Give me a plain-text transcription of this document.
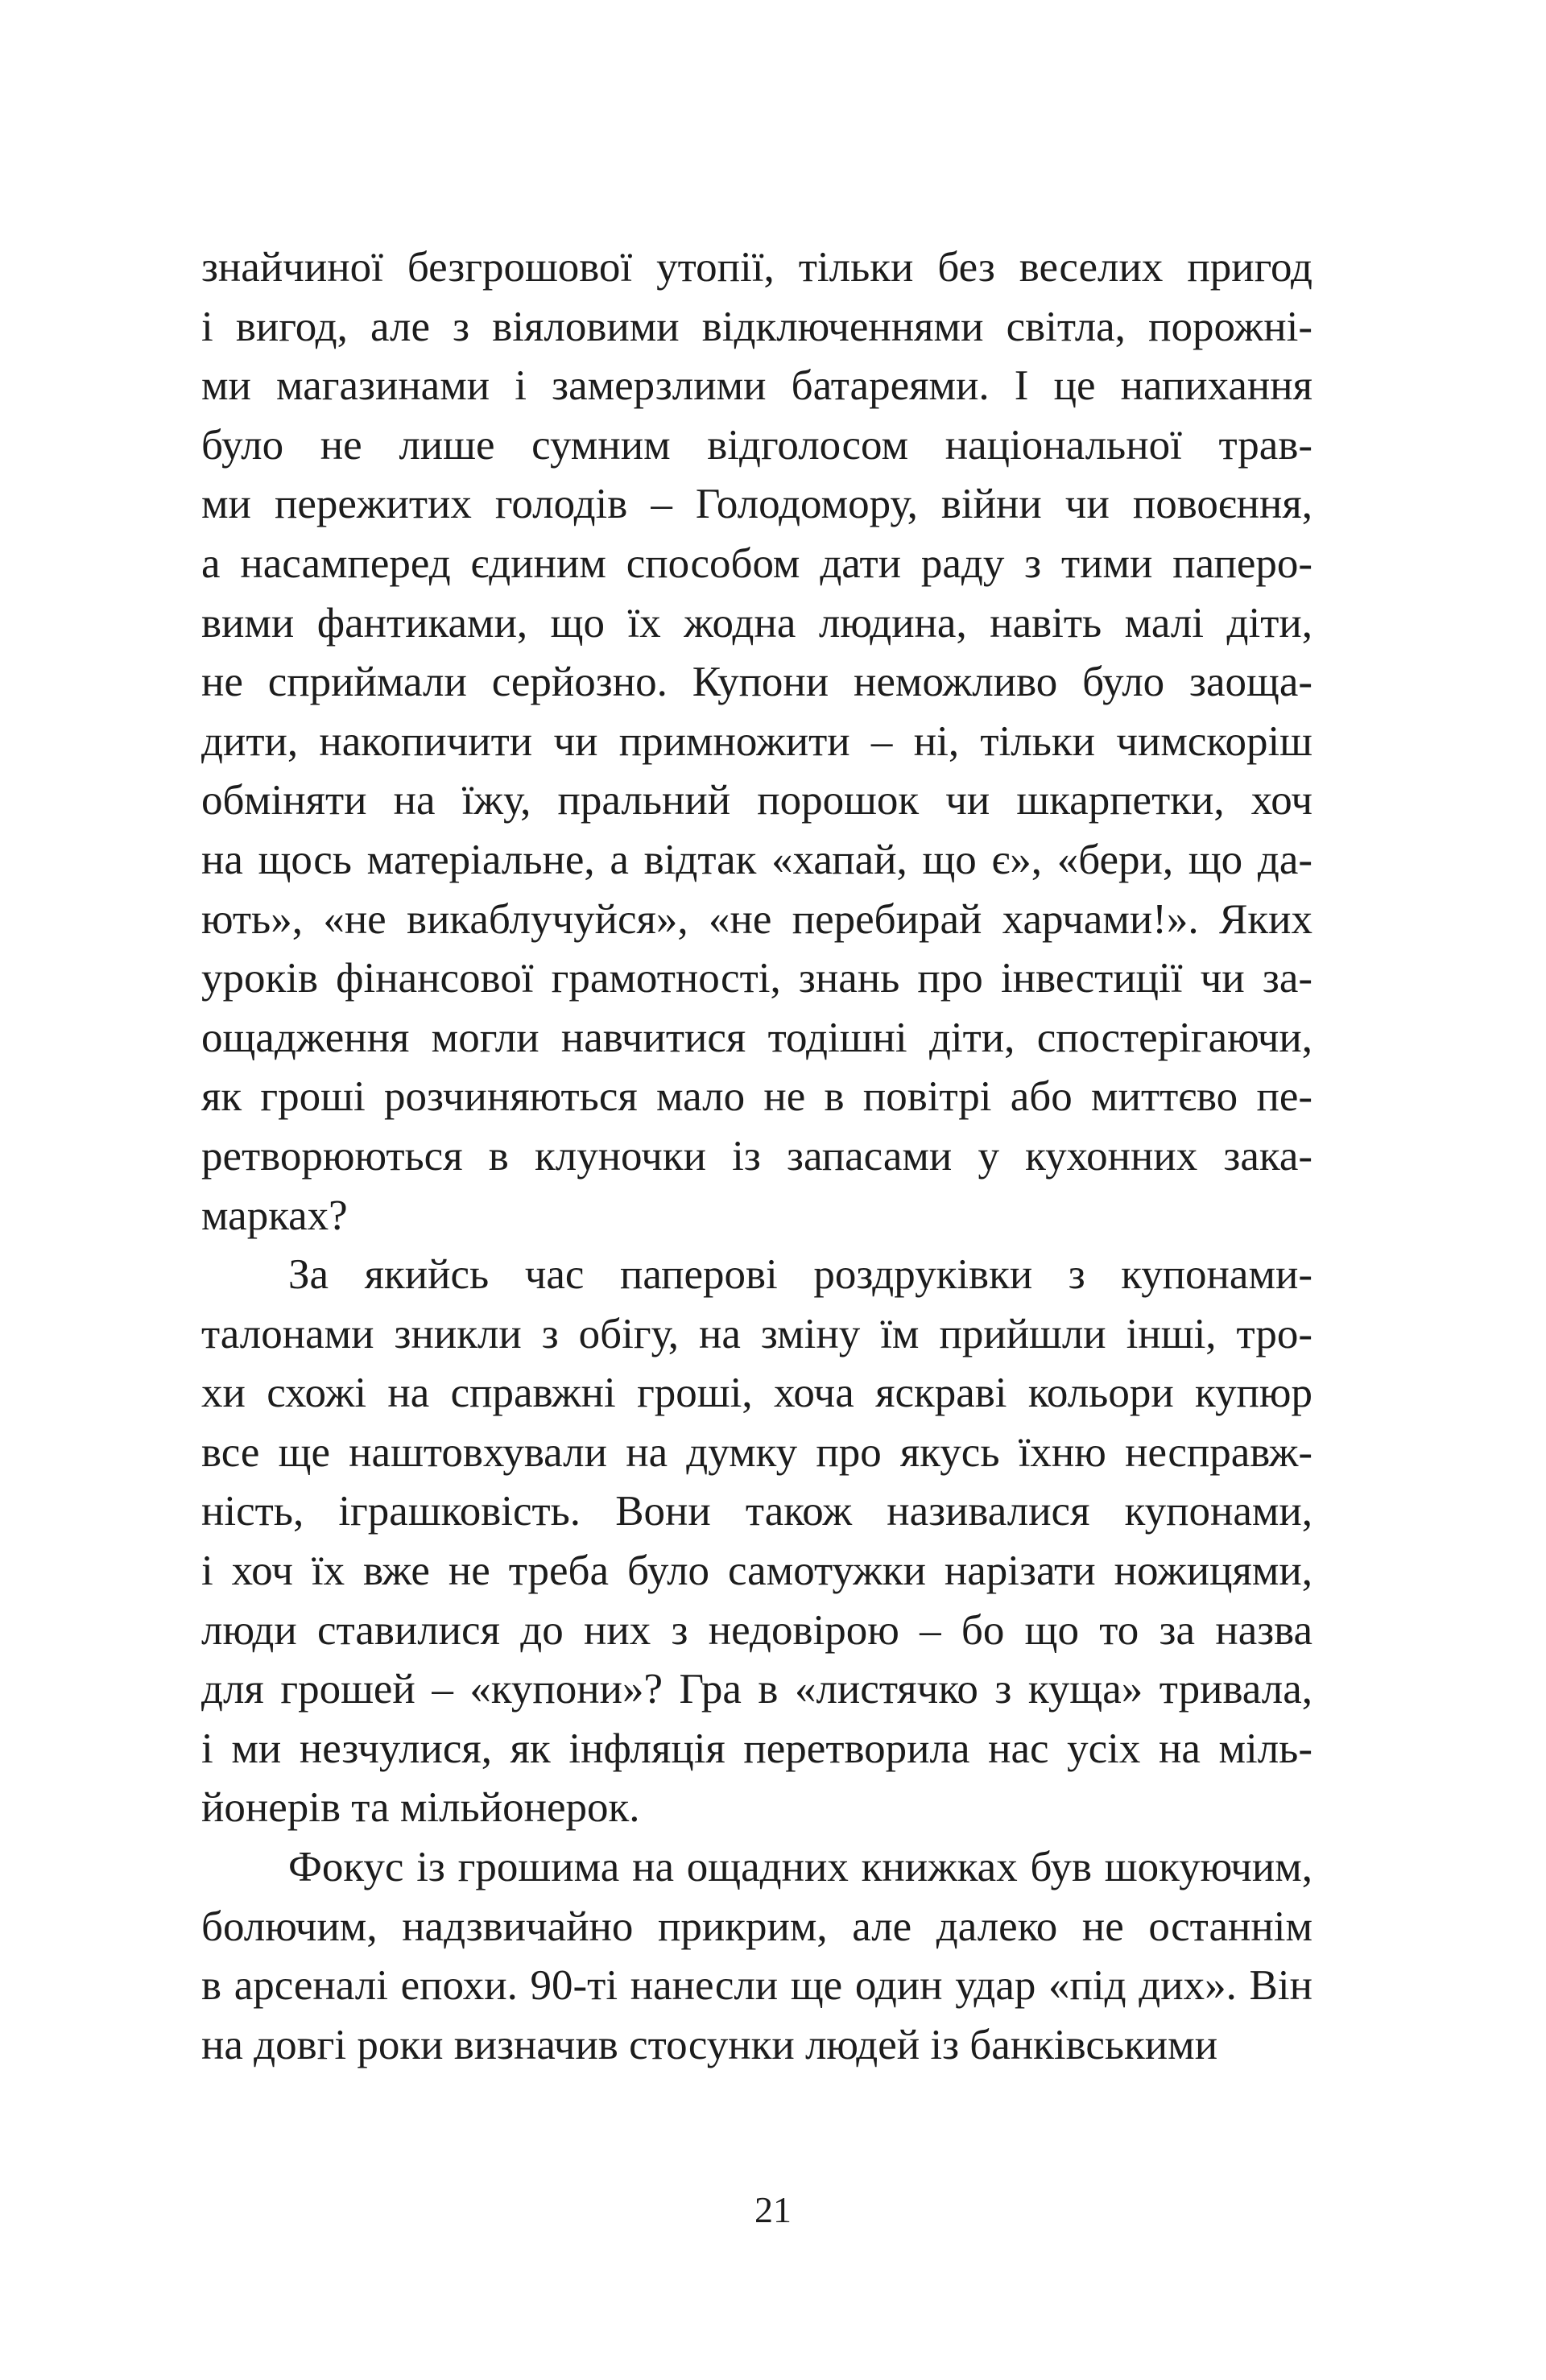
знайчиної безгрошової утопії, тільки без веселих пригод
і вигод, але з віяловими відключеннями світла, порожні-
ми магазинами і замерзлими батареями. І це напихання
було не лише сумним відголосом національної трав-
ми пережитих голодів – Голодомору, війни чи повоєння,
а насамперед єдиним способом дати раду з тими паперо-
вими фантиками, що їх жодна людина, навіть малі діти,
не сприймали серйозно. Купони неможливо було заоща-
дити, накопичити чи примножити – ні, тільки чимскоріш
обміняти на їжу, пральний порошок чи шкарпетки, хоч
на щось матеріальне, а відтак «хапай, що є», «бери, що да-
ють», «не викаблучуйся», «не перебирай харчами!». Яких
уроків фінансової грамотності, знань про інвестиції чи за-
ощадження могли навчитися тодішні діти, спостерігаючи,
як гроші розчиняються мало не в повітрі або миттєво пе-
ретворюються в клуночки із запасами у кухонних зака-
марках?
За якийсь час паперові роздруківки з купонами-
талонами зникли з обігу, на зміну їм прийшли інші, тро-
хи схожі на справжні гроші, хоча яскраві кольори купюр
все ще наштовхували на думку про якусь їхню несправж-
ність, іграшковість. Вони також називалися купонами,
і хоч їх вже не треба було самотужки нарізати ножицями,
люди ставилися до них з недовірою – бо що то за назва
для грошей – «купони»? Гра в «листячко з куща» тривала,
і ми незчулися, як інфляція перетворила нас усіх на міль-
йонерів та мільйонерок.
Фокус із грошима на ощадних книжках був шокуючим,
болючим, надзвичайно прикрим, але далеко не останнім
в арсеналі епохи. 90-ті нанесли ще один удар «під дих». Він
на довгі роки визначив стосунки людей із банківськими
21
